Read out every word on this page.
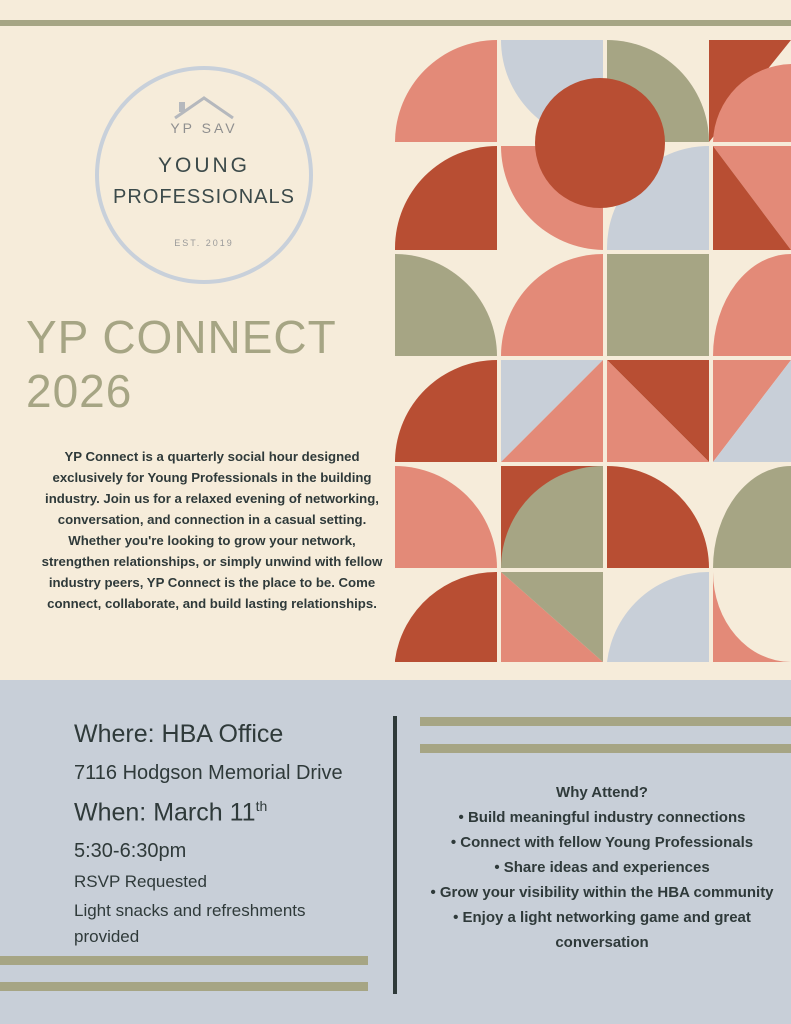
YP SAV
YOUNG
PROFESSIONALS
EST. 2019
YP CONNECT
2026

YP Connect is a quarterly social hour designed exclusively for Young Professionals in the building industry. Join us for a relaxed evening of networking, conversation, and connection in a casual setting. Whether you're looking to grow your network, strengthen relationships, or simply unwind with fellow industry peers, YP Connect is the place to be. Come connect, collaborate, and build lasting relationships.

Where: HBA Office
7116 Hodgson Memorial Drive
When: March 11th
5:30-6:30pm
RSVP Requested
Light snacks and refreshments provided
Why Attend?
• Build meaningful industry connections
• Connect with fellow Young Professionals
• Share ideas and experiences
• Grow your visibility within the HBA community
• Enjoy a light networking game and great conversation
